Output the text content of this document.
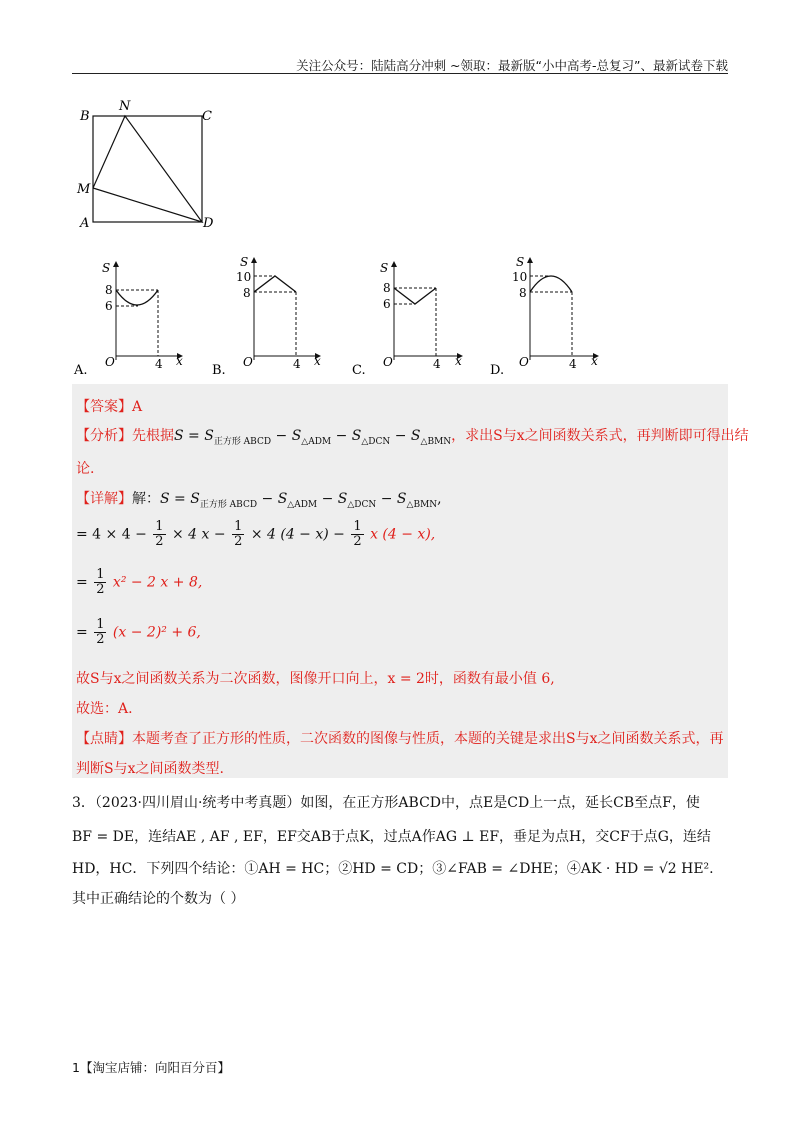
关注公众号：陆陆高分冲刺 ~领取：最新版“小中高考-总复习”、最新试卷下载
B
N
C
M
A	D
S
8
6
O	4 x
A.
S
10
8
O	4 x
B.
S
8
6
O	4 x
C.
S
10
8
O	4 x
D.
【答案】A
【分析】先根据$S = S_{正方形 ABCD} - S_{\triangle ADM} - S_{\triangle DCN} - S_{\triangle BMN}$，求出S与x之间函数关系式，再判断即可得出结
论.
【详解】解：$S = S_{正方形 ABCD} - S_{\triangle ADM} - S_{\triangle DCN} - S_{\triangle BMN}$,
= $4 \times 4 - \frac{1}{2} \times 4$ $x - \frac{1}{2} \times 4$ $(4 - x) - \frac{1}{2}$ x (4 − x),
= $\frac{1}{2} x^2 - 2$ x + 8,
= $\frac{1}{2} (x - 2)^2 + 6$,
故S与x之间函数关系为二次函数，图像开口向上，x = 2时，函数有最小值 6,
故选：A.
【点睛】本题考查了正方形的性质，二次函数的图像与性质，本题的关键是求出S与x之间函数关系式，再
判断S与x之间函数类型.
3．（2023·四川眉山·统考中考真题）如图，在正方形ABCD中，点E是CD上一点，延长CB至点F，使
BF = DE，连结AE , AF , EF，EF交AB于点K，过点A作AG ⊥ EF，垂足为点H，交CF于点G，连结
HD，HC．下列四个结论：①AH = HC；②HD = CD；③∠FAB = ∠DHE；④AK · HD = √2 HE².
其中正确结论的个数为（ ）
1【淘宝店铺：向阳百分百】
